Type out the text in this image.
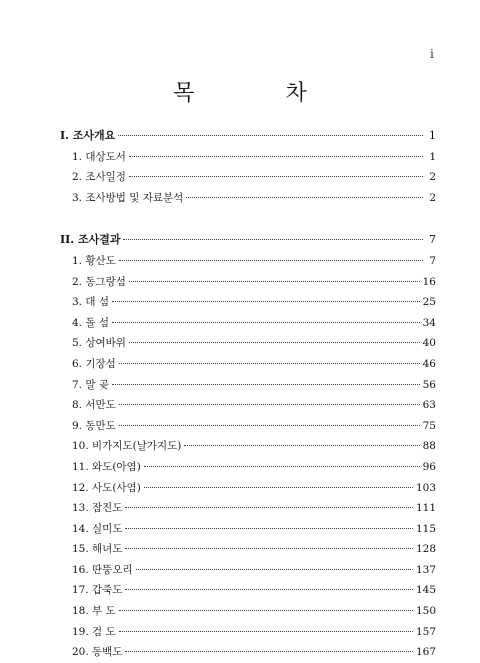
i
목 차
I. 조사개요	1
1. 대상도서	1
2. 조사일정	2
3. 조사방법 및 자료분석	2
II. 조사결과	7
1. 황산도	7
2. 동그랑섬	16
3. 대 섬	25
4. 돌 섬	34
5. 상여바위	40
6. 기장섬	46
7. 말 곶	56
8. 서만도	63
9. 동만도	75
10. 비가지도(날가지도)	88
11. 와도(아염)	96
12. 사도(사염)	103
13. 잠진도	111
14. 실미도	115
15. 해녀도	128
16. 딴뚱오리	137
17. 갑죽도	145
18. 부 도	150
19. 검 도	157
20. 동백도	167
